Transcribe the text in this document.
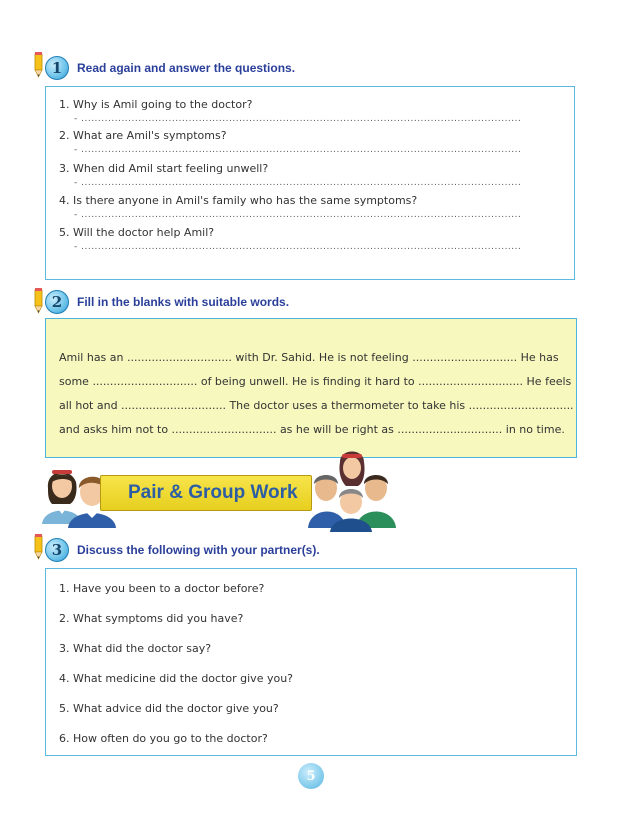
1	Read again and answer the questions.
1. Why is Amil going to the doctor?
- ...................................................................................................................................
2. What are Amil's symptoms?
- ...................................................................................................................................
3. When did Amil start feeling unwell?
- ...................................................................................................................................
4. Is there anyone in Amil's family who has the same symptoms?
- ...................................................................................................................................
5. Will the doctor help Amil?
- ...................................................................................................................................
2	Fill in the blanks with suitable words.
Amil has an .............................. with Dr. Sahid. He is not feeling .............................. He has
some .............................. of being unwell. He is finding it hard to .............................. He feels
all hot and .............................. The doctor uses a thermometer to take his ..............................
and asks him not to .............................. as he will be right as .............................. in no time.
Pair & Group Work
3	Discuss the following with your partner(s).
1. Have you been to a doctor before?
2. What symptoms did you have?
3. What did the doctor say?
4. What medicine did the doctor give you?
5. What advice did the doctor give you?
6. How often do you go to the doctor?
5
